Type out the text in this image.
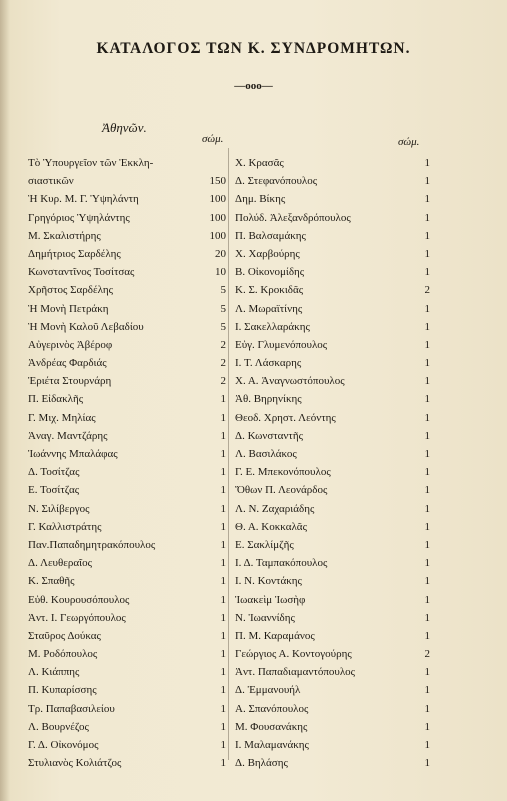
ΚΑΤΑΛΟΓΟΣ ΤΩΝ Κ. ΣΥΝΔΡΟΜΗΤΩΝ.
—ooo—
Ἀθηνῶν.
σώμ.	σώμ.
Τὸ Ὑπουργεῖον τῶν Ἐκκλη-
σιαστικῶν	150
Ἡ Κυρ. Μ. Γ. Ὑψηλάντη	100
Γρηγόριος Ὑψηλάντης	100
Μ. Σκαλιστήρης	100
Δημήτριος Σαρδέλης	20
Κωνσταντῖνος Τοσίτσας	10
Χρῆστος Σαρδέλης	5
Ἡ Μονὴ Πετράκη	5
Ἡ Μονὴ Καλοῦ Λεβαδίου	5
Αὐγερινὸς Ἀβέροφ	2
Ἀνδρέας Φαρδιάς	2
Ἐριέτα Στουρνάρη	2
Π. Εἰδακλῆς	1
Γ. Μιχ. Μηλίας	1
Ἀναγ. Μαντζάρης	1
Ἰωάννης Μπαλάφας	1
Δ. Τοσίτζας	1
Ε. Τοσίτζας	1
Ν. Σιλίβεργος	1
Γ. Καλλιστράτης	1
Παν.Παπαδημητρακόπουλος	1
Δ. Λευθεραῖος	1
Κ. Σπαθῆς	1
Εὐθ. Κουρουσόπουλος	1
Ἀντ. Ι. Γεωργόπουλος	1
Σταῦρος Δούκας	1
Μ. Ροδόπουλος	1
Λ. Κιάππης	1
Π. Κυπαρίσσης	1
Τρ. Παπαβασιλείου	1
Λ. Βουρνέζος	1
Γ. Δ. Οἰκονόμος	1
Στυλιανὸς Κολιάτζος	1
Χ. Κρασᾶς	1
Δ. Στεφανόπουλος	1
Δημ. Βίκης	1
Πολύδ. Ἀλεξανδρόπουλος	1
Π. Βαλσαμάκης	1
Χ. Χαρβούρης	1
Β. Οἰκονομίδης	1
Κ. Σ. Κροκιδᾶς	2
Λ. Μωραϊτίνης	1
Ι. Σακελλαράκης	1
Εὐγ. Γλυμενόπουλος	1
Ι. Τ. Λάσκαρης	1
Χ. Α. Ἀναγνωστόπουλος	1
Ἀθ. Βηρηνίκης	1
Θεοδ. Χρηστ. Λεόντης	1
Δ. Κωνσταντῆς	1
Λ. Βασιλάκος	1
Γ. Ε. Μπεκονόπουλος	1
Ὄθων Π. Λεονάρδος	1
Λ. Ν. Ζαχαριάδης	1
Θ. Α. Κοκκαλᾶς	1
Ε. Σακλίμζῆς	1
Ι. Δ. Ταμπακόπουλος	1
Ι. Ν. Κοντάκης	1
Ἰωακεὶμ Ἰωσὴφ	1
Ν. Ἰωαννίδης	1
Π. Μ. Καραμάνος	1
Γεώργιος Α. Κοντογούρης	2
Ἀντ. Παπαδιαμαντόπουλος	1
Δ. Ἐμμανουήλ	1
Α. Σπανόπουλος	1
Μ. Φουσανάκης	1
Ι. Μαλαμανάκης	1
Δ. Βηλάσης	1
